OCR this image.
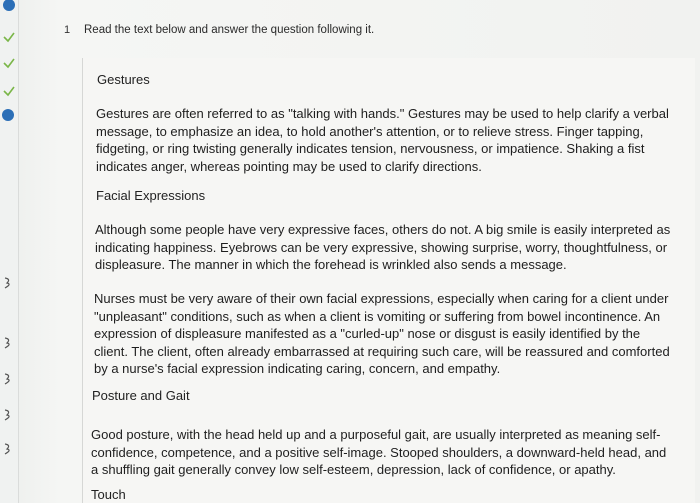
1 Read the text below and answer the question following it.
Gestures

Gestures are often referred to as "talking with hands." Gestures may be used to help clarify a verbal
message, to emphasize an idea, to hold another's attention, or to relieve stress. Finger tapping,
fidgeting, or ring twisting generally indicates tension, nervousness, or impatience. Shaking a fist
indicates anger, whereas pointing may be used to clarify directions.

Facial Expressions

Although some people have very expressive faces, others do not. A big smile is easily interpreted as
indicating happiness. Eyebrows can be very expressive, showing surprise, worry, thoughtfulness, or
displeasure. The manner in which the forehead is wrinkled also sends a message.

Nurses must be very aware of their own facial expressions, especially when caring for a client under
"unpleasant" conditions, such as when a client is vomiting or suffering from bowel incontinence. An
expression of displeasure manifested as a "curled-up" nose or disgust is easily identified by the
client. The client, often already embarrassed at requiring such care, will be reassured and comforted
by a nurse's facial expression indicating caring, concern, and empathy.

Posture and Gait

Good posture, with the head held up and a purposeful gait, are usually interpreted as meaning self-
confidence, competence, and a positive self-image. Stooped shoulders, a downward-held head, and
a shuffling gait generally convey low self-esteem, depression, lack of confidence, or apathy.

Touch
